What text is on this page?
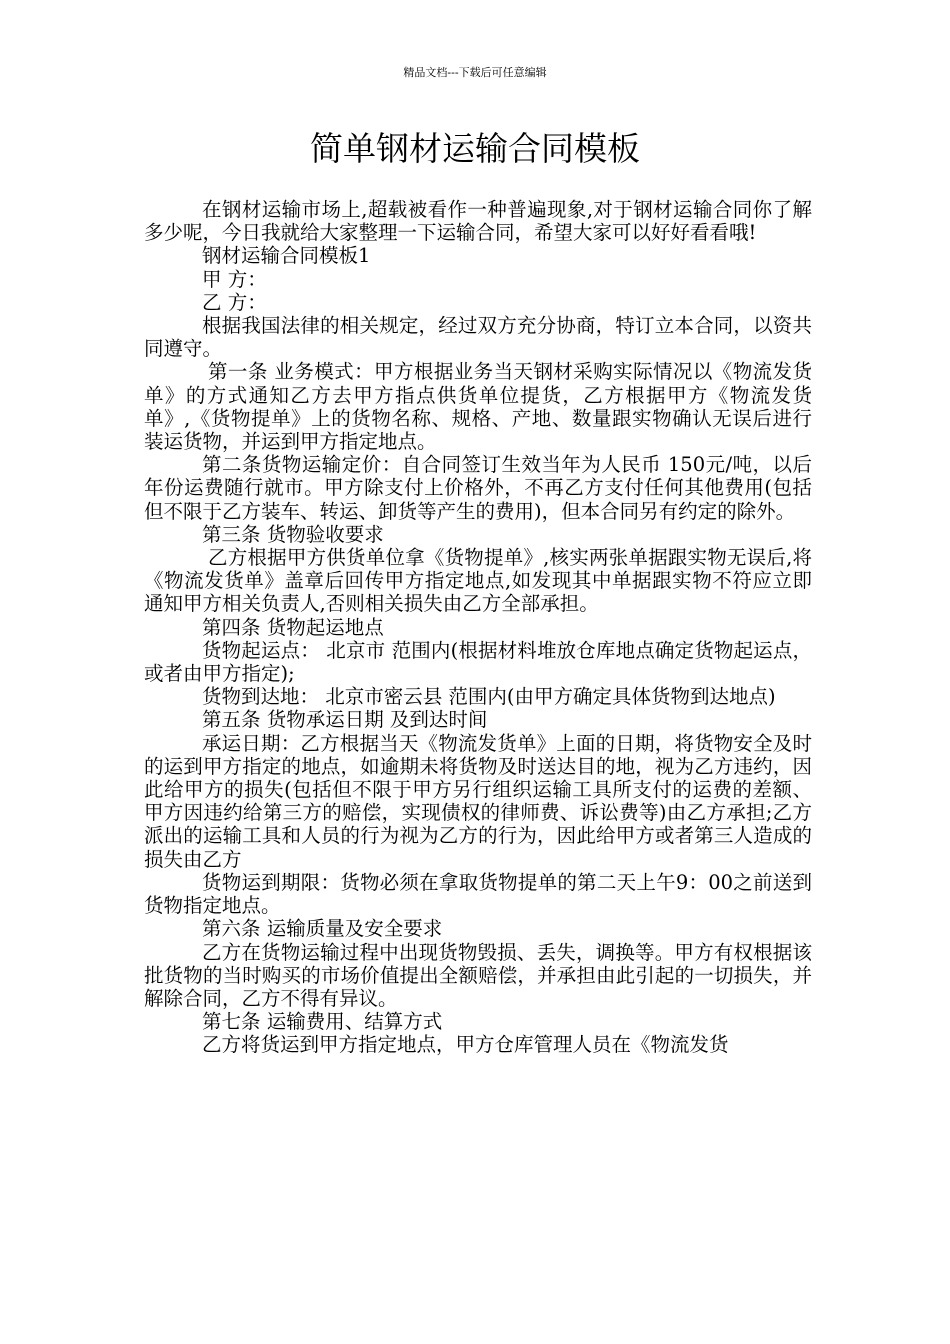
精品文档---下载后可任意编辑
简单钢材运输合同模板

在钢材运输市场上,超载被看作一种普遍现象,对于钢材运输合同你了解多少呢，今日我就给大家整理一下运输合同，希望大家可以好好看看哦!

钢材运输合同模板1

甲 方：

乙 方：

根据我国法律的相关规定，经过双方充分协商，特订立本合同，以资共同遵守。

第一条 业务模式：甲方根据业务当天钢材采购实际情况以《物流发货单》的方式通知乙方去甲方指点供货单位提货，乙方根据甲方《物流发货单》,《货物提单》上的货物名称、规格、产地、数量跟实物确认无误后进行装运货物，并运到甲方指定地点。

第二条货物运输定价：自合同签订生效当年为人民币 150元/吨，以后年份运费随行就市。甲方除支付上价格外，不再乙方支付任何其他费用(包括但不限于乙方装车、转运、卸货等产生的费用)，但本合同另有约定的除外。

第三条 货物验收要求

乙方根据甲方供货单位拿《货物提单》,核实两张单据跟实物无误后,将《物流发货单》盖章后回传甲方指定地点,如发现其中单据跟实物不符应立即通知甲方相关负责人,否则相关损失由乙方全部承担。

第四条 货物起运地点

货物起运点： 北京市 范围内(根据材料堆放仓库地点确定货物起运点，或者由甲方指定);

货物到达地： 北京市密云县 范围内(由甲方确定具体货物到达地点)

第五条 货物承运日期 及到达时间

承运日期：乙方根据当天《物流发货单》上面的日期，将货物安全及时的运到甲方指定的地点，如逾期未将货物及时送达目的地，视为乙方违约，因此给甲方的损失(包括但不限于甲方另行组织运输工具所支付的运费的差额、甲方因违约给第三方的赔偿，实现债权的律师费、诉讼费等)由乙方承担;乙方派出的运输工具和人员的行为视为乙方的行为，因此给甲方或者第三人造成的损失由乙方

货物运到期限：货物必须在拿取货物提单的第二天上午9：00之前送到货物指定地点。

第六条 运输质量及安全要求

乙方在货物运输过程中出现货物毁损、丢失，调换等。甲方有权根据该批货物的当时购买的市场价值提出全额赔偿，并承担由此引起的一切损失，并解除合同，乙方不得有异议。

第七条 运输费用、结算方式

乙方将货运到甲方指定地点，甲方仓库管理人员在《物流发货
